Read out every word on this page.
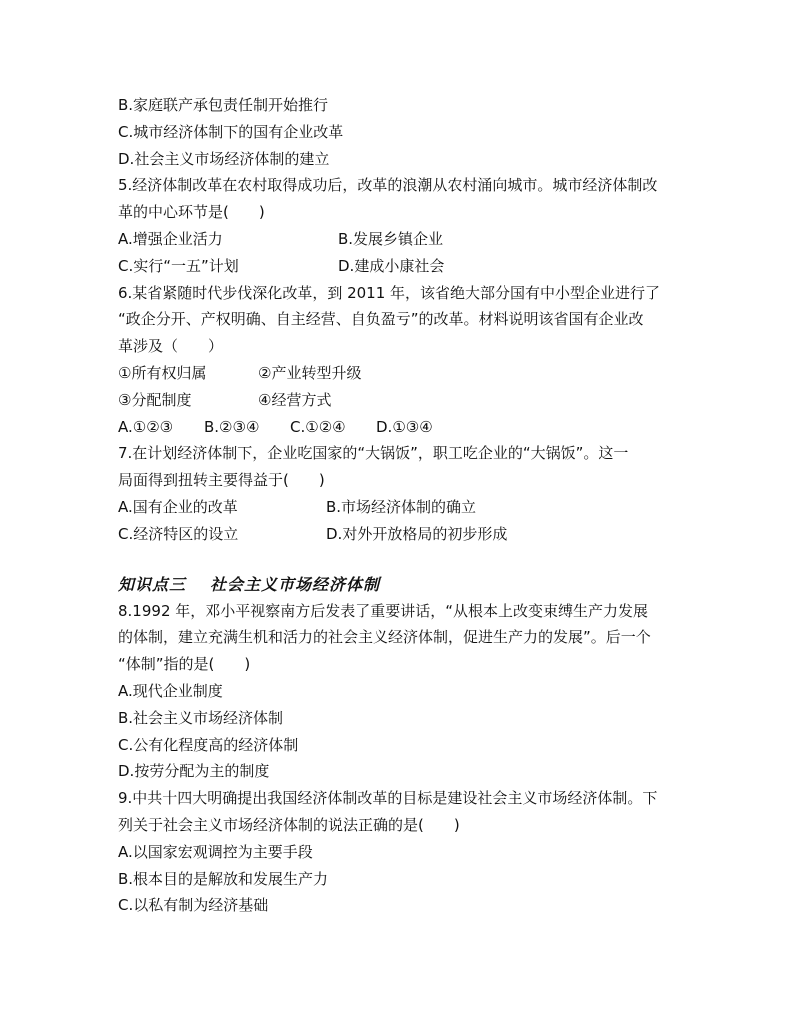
B.家庭联产承包责任制开始推行
C.城市经济体制下的国有企业改革
D.社会主义市场经济体制的建立
5.经济体制改革在农村取得成功后，改革的浪潮从农村涌向城市。城市经济体制改
革的中心环节是(　　)
A.增强企业活力	B.发展乡镇企业
C.实行“一五”计划	D.建成小康社会
6.某省紧随时代步伐深化改革，到 2011 年，该省绝大部分国有中小型企业进行了
“政企分开、产权明确、自主经营、自负盈亏”的改革。材料说明该省国有企业改
革涉及（　　）
①所有权归属	②产业转型升级
③分配制度	④经营方式
A.①②③ B.②③④ C.①②④ D.①③④
7.在计划经济体制下，企业吃国家的“大锅饭”，职工吃企业的“大锅饭”。这一
局面得到扭转主要得益于(　　)
A.国有企业的改革	B.市场经济体制的确立
C.经济特区的设立	D.对外开放格局的初步形成
知识点三 社会主义市场经济体制
8.1992 年，邓小平视察南方后发表了重要讲话，“从根本上改变束缚生产力发展
的体制，建立充满生机和活力的社会主义经济体制，促进生产力的发展”。后一个
“体制”指的是(　　)
A.现代企业制度
B.社会主义市场经济体制
C.公有化程度高的经济体制
D.按劳分配为主的制度
9.中共十四大明确提出我国经济体制改革的目标是建设社会主义市场经济体制。下
列关于社会主义市场经济体制的说法正确的是(　　)
A.以国家宏观调控为主要手段
B.根本目的是解放和发展生产力
C.以私有制为经济基础
